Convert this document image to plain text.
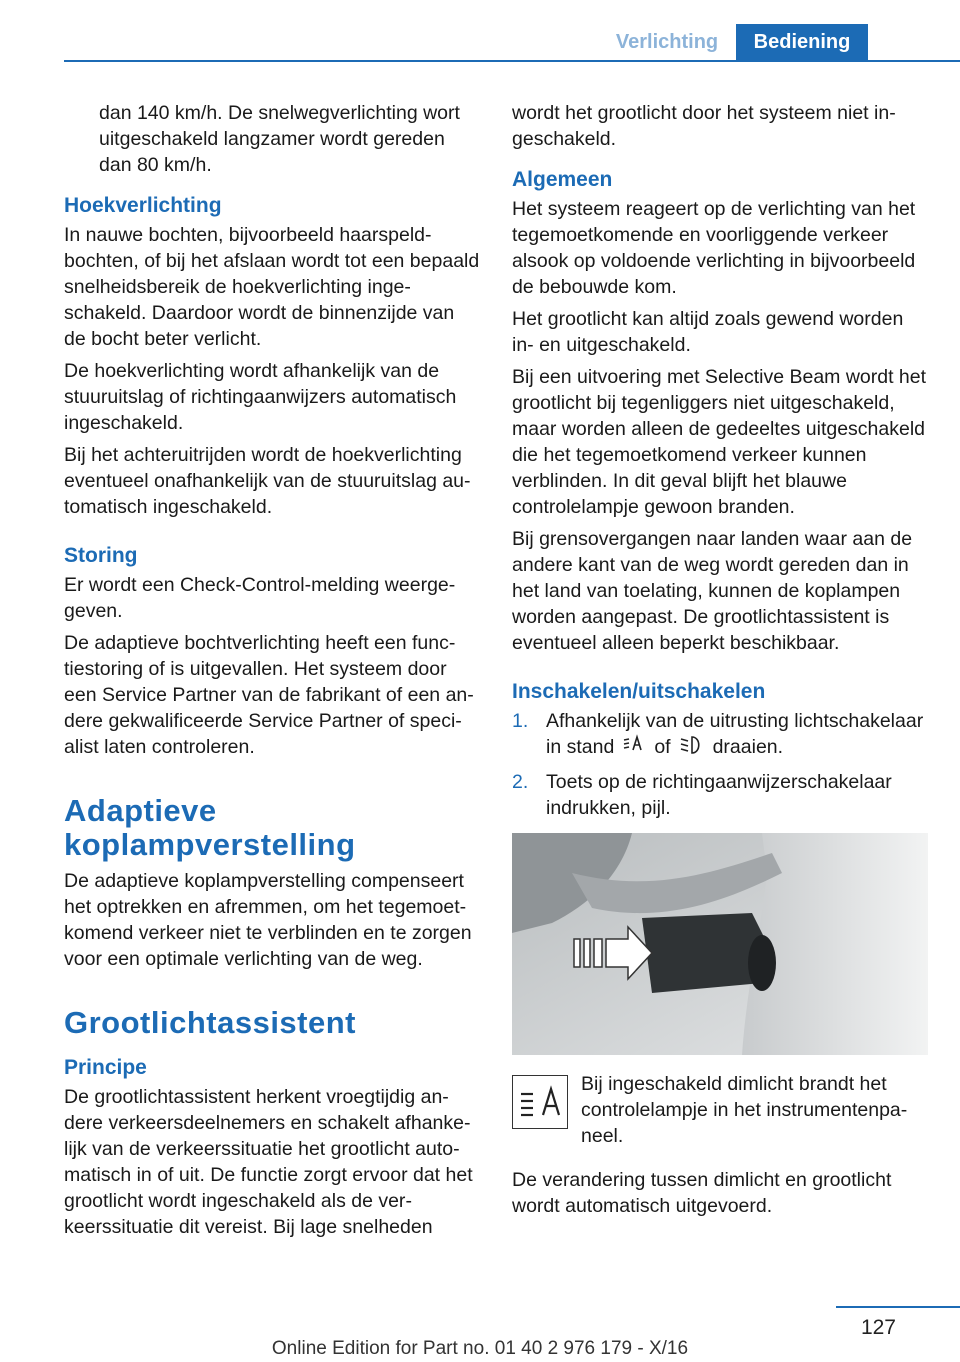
Verlichting	Bediening

dan 140 km/h. De snelwegverlichting wort uitgeschakeld langzamer wordt gereden dan 80 km/h.

Hoekverlichting

In nauwe bochten, bijvoorbeeld haarspeldbochten, of bij het afslaan wordt tot een bepaald snelheidsbereik de hoekverlichting ingeschakeld. Daardoor wordt de binnenzijde van de bocht beter verlicht.

De hoekverlichting wordt afhankelijk van de stuuruitslag of richtingaanwijzers automatisch ingeschakeld.

Bij het achteruitrijden wordt de hoekverlichting eventueel onafhankelijk van de stuuruitslag automatisch ingeschakeld.

Storing

Er wordt een Check-Control-melding weergegeven.

De adaptieve bochtverlichting heeft een functiestoring of is uitgevallen. Het systeem door een Service Partner van de fabrikant of een andere gekwalificeerde Service Partner of specialist laten controleren.

Adaptieve koplampverstelling

De adaptieve koplampverstelling compenseert het optrekken en afremmen, om het tegemoetkomend verkeer niet te verblinden en te zorgen voor een optimale verlichting van de weg.

Grootlichtassistent
Principe

De grootlichtassistent herkent vroegtijdig andere verkeersdeelnemers en schakelt afhankelijk van de verkeerssituatie het grootlicht automatisch in of uit. De functie zorgt ervoor dat het grootlicht wordt ingeschakeld als de verkeerssituatie dit vereist. Bij lage snelheden

wordt het grootlicht door het systeem niet ingeschakeld.

Algemeen

Het systeem reageert op de verlichting van het tegemoetkomende en voorliggende verkeer alsook op voldoende verlichting in bijvoorbeeld de bebouwde kom.

Het grootlicht kan altijd zoals gewend worden in- en uitgeschakeld.

Bij een uitvoering met Selective Beam wordt het grootlicht bij tegenliggers niet uitgeschakeld, maar worden alleen de gedeeltes uitgeschakeld die het tegemoetkomend verkeer kunnen verblinden. In dit geval blijft het blauwe controlelampje gewoon branden.

Bij grensovergangen naar landen waar aan de andere kant van de weg wordt gereden dan in het land van toelating, kunnen de koplampen worden aangepast. De grootlichtassistent is eventueel alleen beperkt beschikbaar.

Inschakelen/uitschakelen
1. Afhankelijk van de uitrusting lichtschakelaar in stand of draaien.
2. Toets op de richtingaanwijzerschakelaar indrukken, pijl.
Bij ingeschakeld dimlicht brandt het controlelampje in het instrumentenpaneel.

De verandering tussen dimlicht en grootlicht wordt automatisch uitgevoerd.

127
Online Edition for Part no. 01 40 2 976 179 - X/16
